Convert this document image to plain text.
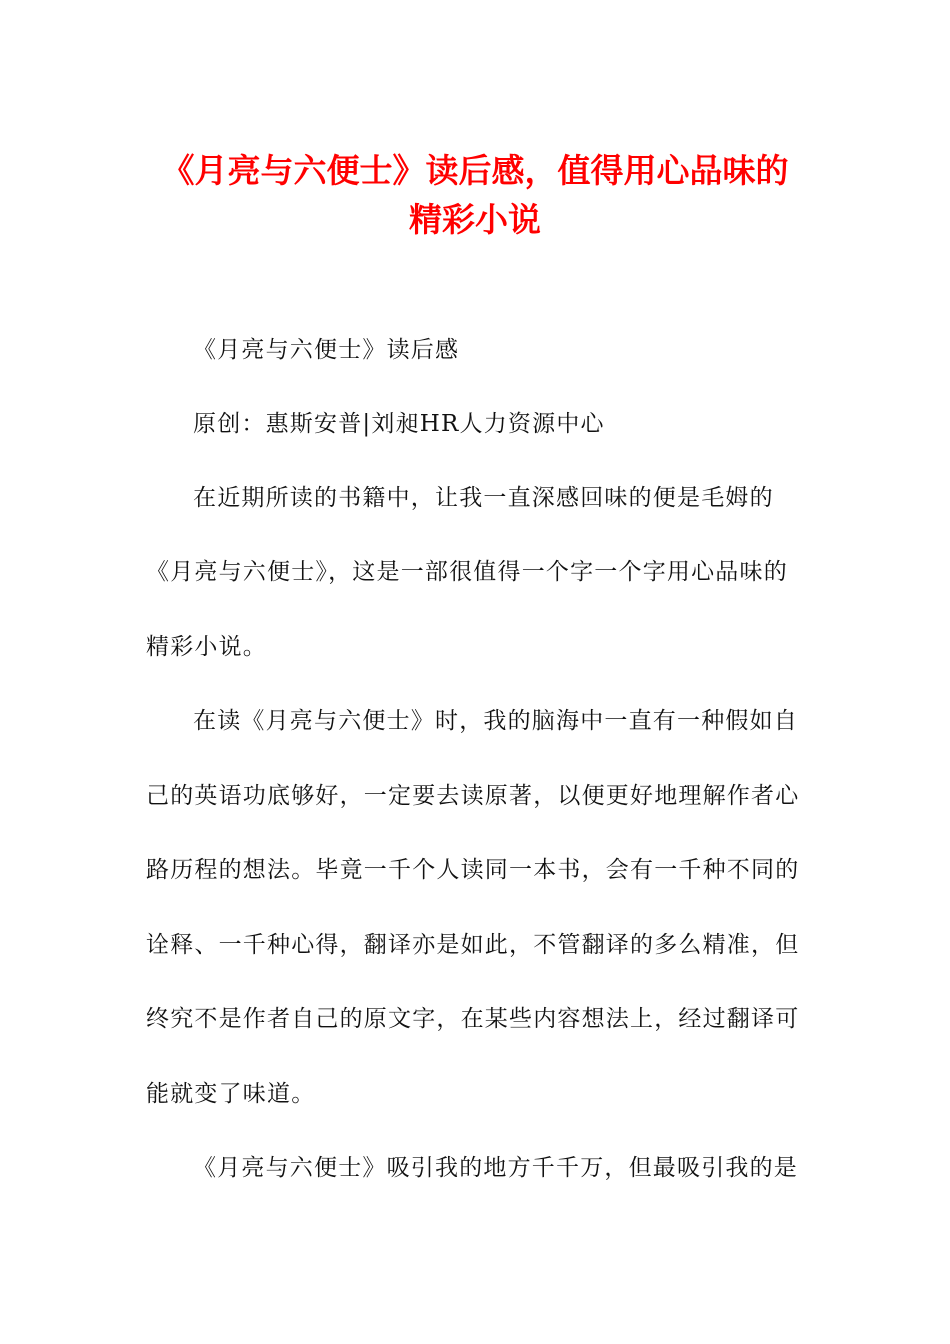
《月亮与六便士》读后感，值得用心品味的
精彩小说
《月亮与六便士》读后感
原创：惠斯安普|刘昶HR人力资源中心
在近期所读的书籍中，让我一直深感回味的便是毛姆的
《月亮与六便士》，这是一部很值得一个字一个字用心品味的
精彩小说。
在读《月亮与六便士》时，我的脑海中一直有一种假如自
己的英语功底够好，一定要去读原著，以便更好地理解作者心
路历程的想法。毕竟一千个人读同一本书，会有一千种不同的
诠释、一千种心得，翻译亦是如此，不管翻译的多么精准，但
终究不是作者自己的原文字，在某些内容想法上，经过翻译可
能就变了味道。
《月亮与六便士》吸引我的地方千千万，但最吸引我的是
